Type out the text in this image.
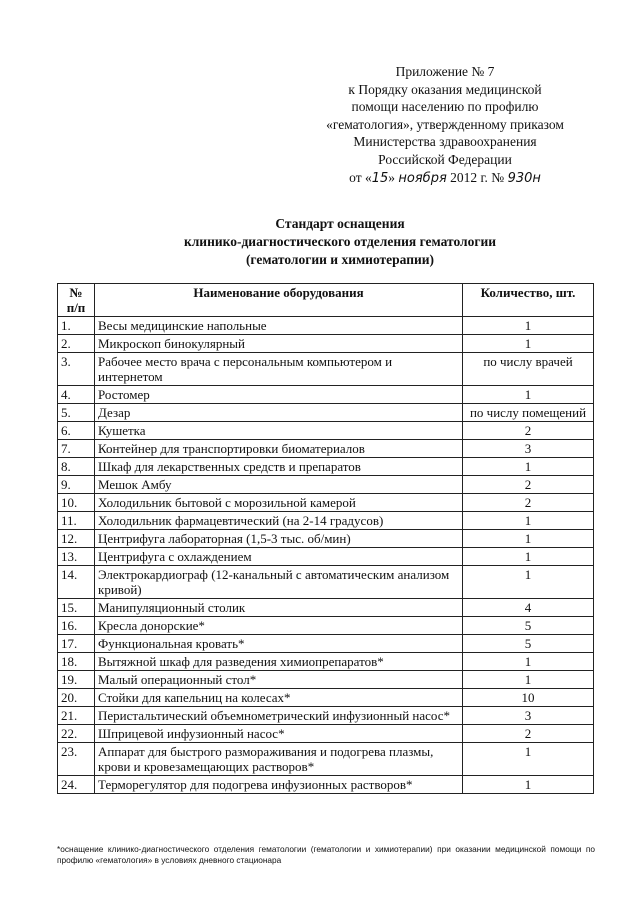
Приложение № 7
к Порядку оказания медицинской
помощи населению по профилю
«гематология», утвержденному приказом
Министерства здравоохранения
Российской Федерации
от «15» ноября 2012 г. № 930н
Стандарт оснащения
клинико-диагностического отделения гематологии
(гематологии и химиотерапии)
№
п/п	Наименование оборудования	Количество, шт.
1.	Весы медицинские напольные	1
2.	Микроскоп бинокулярный	1
3.	Рабочее место врача с персональным компьютером и интернетом	по числу врачей
4.	Ростомер	1
5.	Дезар	по числу помещений
6.	Кушетка	2
7.	Контейнер для транспортировки биоматериалов	3
8.	Шкаф для лекарственных средств и препаратов	1
9.	Мешок Амбу	2
10.	Холодильник бытовой с морозильной камерой	2
11.	Холодильник фармацевтический (на 2-14 градусов)	1
12.	Центрифуга лабораторная (1,5-3 тыс. об/мин)	1
13.	Центрифуга с охлаждением	1
14.	Электрокардиограф (12-канальный с автоматическим анализом кривой)	1
15.	Манипуляционный столик	4
16.	Кресла донорские*	5
17.	Функциональная кровать*	5
18.	Вытяжной шкаф для разведения химиопрепаратов*	1
19.	Малый операционный стол*	1
20.	Стойки для капельниц на колесах*	10
21.	Перистальтический объемнометрический инфузионный насос*	3
22.	Шприцевой инфузионный насос*	2
23.	Аппарат для быстрого размораживания и подогрева плазмы, крови и кровезамещающих растворов*	1
24.	Терморегулятор для подогрева инфузионных растворов*	1
*оснащение клинико-диагностического отделения гематологии (гематологии и химиотерапии) при оказании медицинской помощи по профилю «гематология» в условиях дневного стационара
